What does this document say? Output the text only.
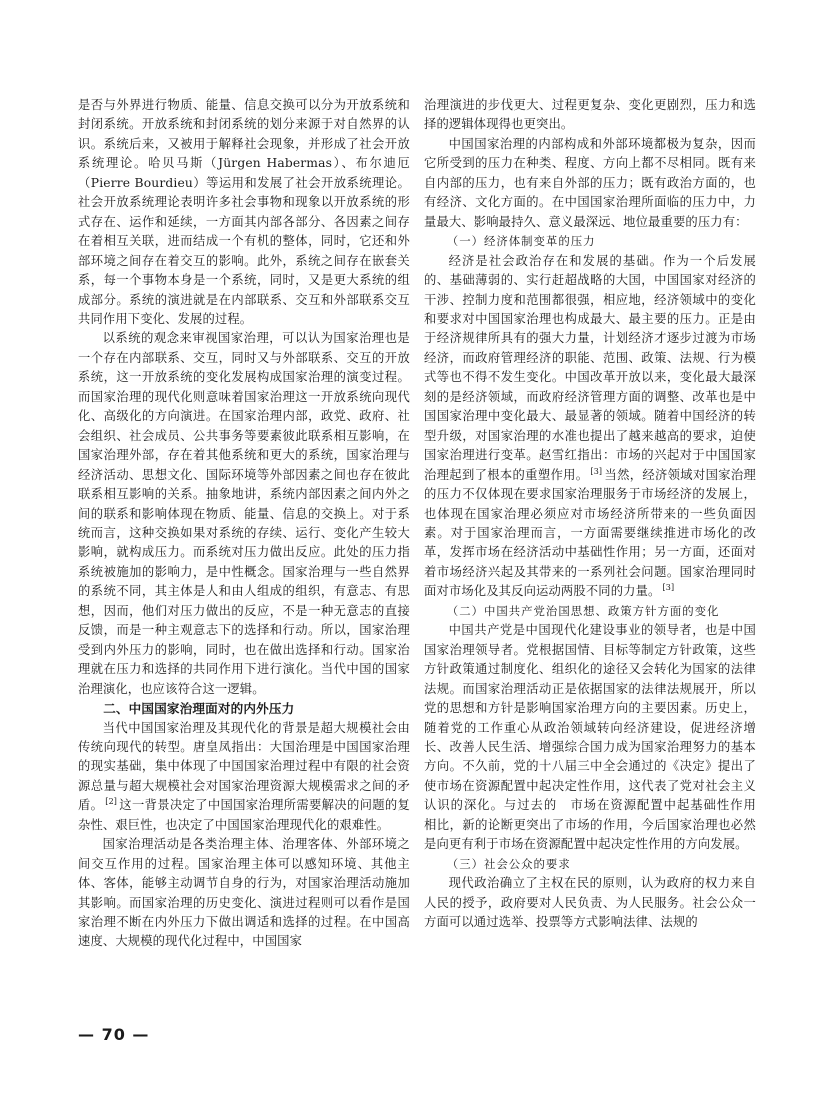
是否与外界进行物质、能量、信息交换可以分为开放系统和封闭系统。开放系统和封闭系统的划分来源于对自然界的认识。系统后来，又被用于解释社会现象，并形成了社会开放系统理论。哈贝马斯（Jürgen Habermas）、布尔迪厄（Pierre Bourdieu）等运用和发展了社会开放系统理论。社会开放系统理论表明许多社会事物和现象以开放系统的形式存在、运作和延续，一方面其内部各部分、各因素之间存在着相互关联，进而结成一个有机的整体，同时，它还和外部环境之间存在着交互的影响。此外，系统之间存在嵌套关系，每一个事物本身是一个系统，同时，又是更大系统的组成部分。系统的演进就是在内部联系、交互和外部联系交互共同作用下变化、发展的过程。

以系统的观念来审视国家治理，可以认为国家治理也是一个存在内部联系、交互，同时又与外部联系、交互的开放系统，这一开放系统的变化发展构成国家治理的演变过程。而国家治理的现代化则意味着国家治理这一开放系统向现代化、高级化的方向演进。在国家治理内部，政党、政府、社会组织、社会成员、公共事务等要素彼此联系相互影响，在国家治理外部，存在着其他系统和更大的系统，国家治理与经济活动、思想文化、国际环境等外部因素之间也存在彼此联系相互影响的关系。抽象地讲，系统内部因素之间内外之间的联系和影响体现在物质、能量、信息的交换上。对于系统而言，这种交换如果对系统的存续、运行、变化产生较大影响，就构成压力。而系统对压力做出反应。此处的压力指系统被施加的影响力，是中性概念。国家治理与一些自然界的系统不同，其主体是人和由人组成的组织，有意志、有思想，因而，他们对压力做出的反应，不是一种无意志的直接反馈，而是一种主观意志下的选择和行动。所以，国家治理受到内外压力的影响，同时，也在做出选择和行动。国家治理就在压力和选择的共同作用下进行演化。当代中国的国家治理演化，也应该符合这一逻辑。

二、中国国家治理面对的内外压力

当代中国国家治理及其现代化的背景是超大规模社会由传统向现代的转型。唐皇凤指出：大国治理是中国国家治理的现实基础，集中体现了中国国家治理过程中有限的社会资源总量与超大规模社会对国家治理资源大规模需求之间的矛盾。 [2] 这一背景决定了中国国家治理所需要解决的问题的复杂性、艰巨性，也决定了中国国家治理现代化的艰难性。

国家治理活动是各类治理主体、治理客体、外部环境之间交互作用的过程。国家治理主体可以感知环境、其他主体、客体，能够主动调节自身的行为，对国家治理活动施加其影响。而国家治理的历史变化、演进过程则可以看作是国家治理不断在内外压力下做出调适和选择的过程。在中国高速度、大规模的现代化过程中，中国国家

治理演进的步伐更大、过程更复杂、变化更剧烈，压力和选择的逻辑体现得也更突出。

中国国家治理的内部构成和外部环境都极为复杂，因而它所受到的压力在种类、程度、方向上都不尽相同。既有来自内部的压力，也有来自外部的压力；既有政治方面的，也有经济、文化方面的。在中国国家治理所面临的压力中，力量最大、影响最持久、意义最深远、地位最重要的压力有：

（一）经济体制变革的压力

经济是社会政治存在和发展的基础。作为一个后发展的、基础薄弱的、实行赶超战略的大国，中国国家对经济的干涉、控制力度和范围都很强，相应地，经济领域中的变化和要求对中国国家治理也构成最大、最主要的压力。正是由于经济规律所具有的强大力量，计划经济才逐步过渡为市场经济，而政府管理经济的职能、范围、政策、法规、行为模式等也不得不发生变化。中国改革开放以来，变化最大最深刻的是经济领域，而政府经济管理方面的调整、改革也是中国国家治理中变化最大、最显著的领域。随着中国经济的转型升级，对国家治理的水准也提出了越来越高的要求，迫使国家治理进行变革。赵雪红指出：市场的兴起对于中国国家治理起到了根本的重塑作用。 [3] 当然，经济领域对国家治理的压力不仅体现在要求国家治理服务于市场经济的发展上，也体现在国家治理必须应对市场经济所带来的一些负面因素。对于国家治理而言，一方面需要继续推进市场化的改革，发挥市场在经济活动中基础性作用；另一方面，还面对着市场经济兴起及其带来的一系列社会问题。国家治理同时面对市场化及其反向运动两股不同的力量。 [3]

（二）中国共产党治国思想、政策方针方面的变化

中国共产党是中国现代化建设事业的领导者，也是中国国家治理领导者。党根据国情、目标等制定方针政策，这些方针政策通过制度化、组织化的途径又会转化为国家的法律法规。而国家治理活动正是依据国家的法律法规展开，所以党的思想和方针是影响国家治理方向的主要因素。历史上，随着党的工作重心从政治领域转向经济建设，促进经济增长、改善人民生活、增强综合国力成为国家治理努力的基本方向。不久前，党的十八届三中全会通过的《决定》提出了　使市场在资源配置中起决定性作用，这代表了党对社会主义认识的深化。与过去的　市场在资源配置中起基础性作用　相比，新的论断更突出了市场的作用，今后国家治理也必然是向更有利于市场在资源配置中起决定性作用的方向发展。

（三）社会公众的要求

现代政治确立了主权在民的原则，认为政府的权力来自人民的授予，政府要对人民负责、为人民服务。社会公众一方面可以通过选举、投票等方式影响法律、法规的

— 70 —
